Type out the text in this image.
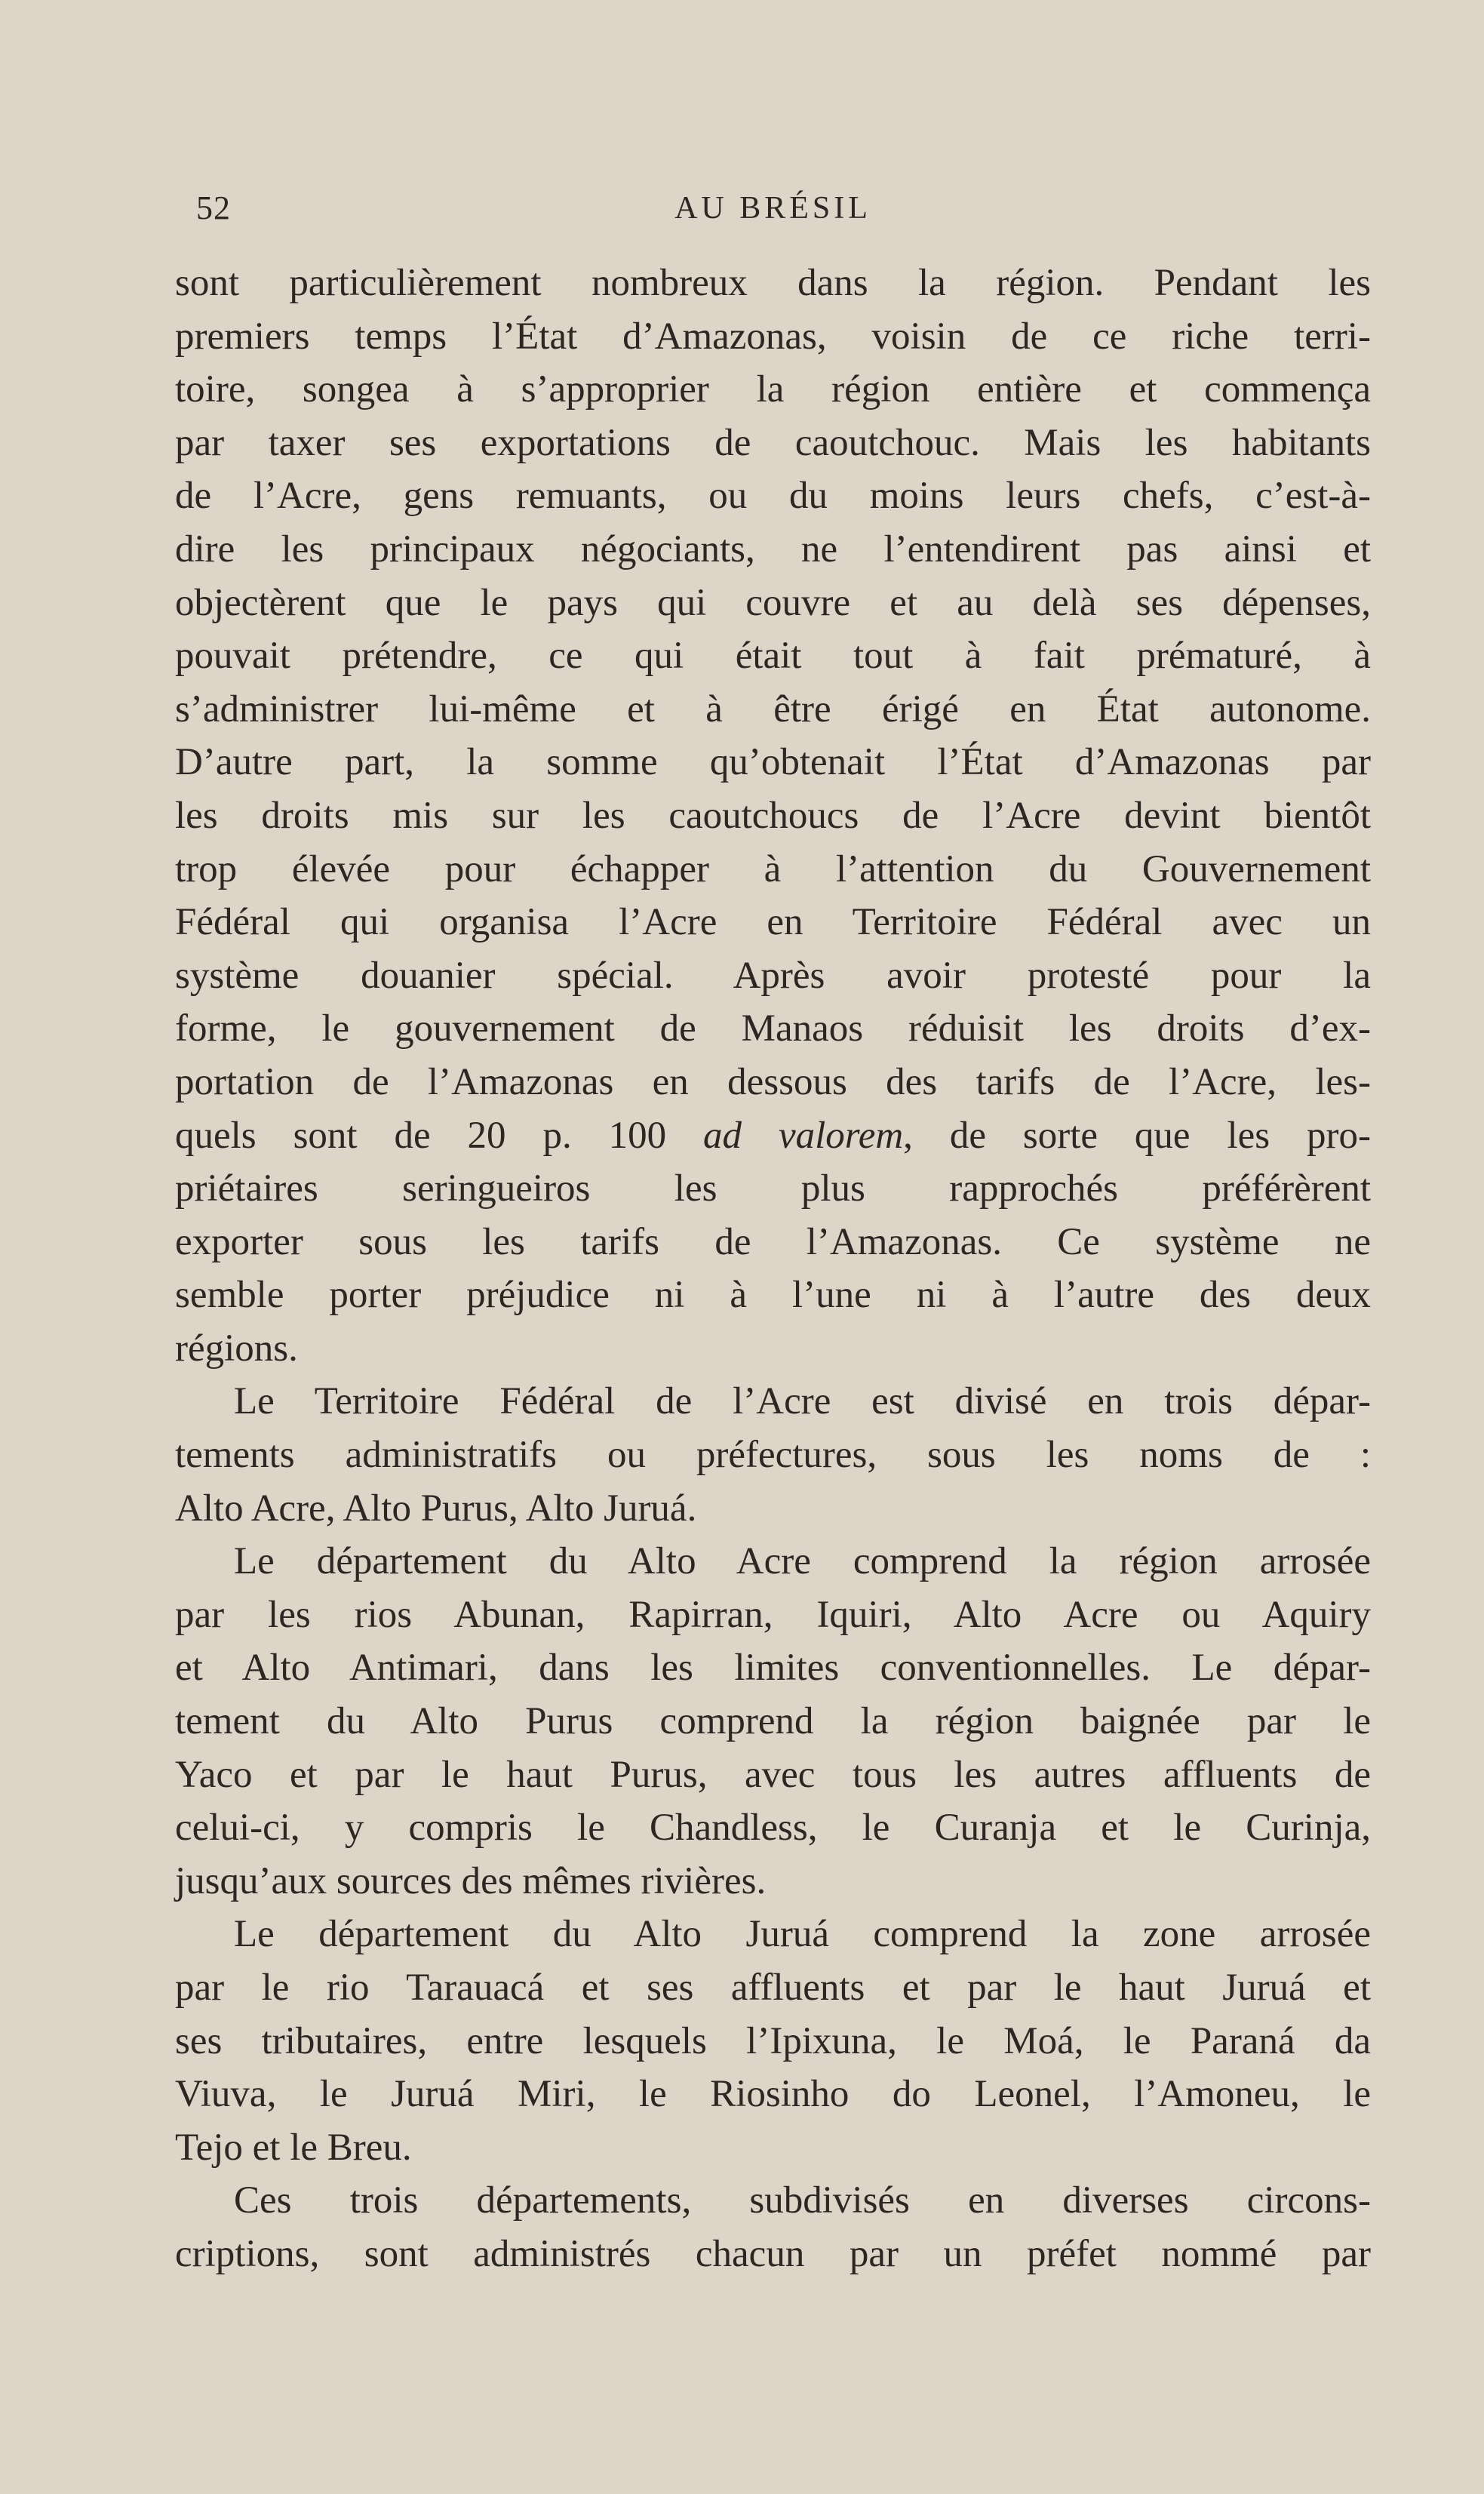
52	AU BRÉSIL
sont particulièrement nombreux dans la région. Pendant les
premiers temps l’État d’Amazonas, voisin de ce riche terri-
toire, songea à s’approprier la région entière et commença
par taxer ses exportations de caoutchouc. Mais les habitants
de l’Acre, gens remuants, ou du moins leurs chefs, c’est-à-
dire les principaux négociants, ne l’entendirent pas ainsi et
objectèrent que le pays qui couvre et au delà ses dépenses,
pouvait prétendre, ce qui était tout à fait prématuré, à
s’administrer lui-même et à être érigé en État autonome.
D’autre part, la somme qu’obtenait l’État d’Amazonas par
les droits mis sur les caoutchoucs de l’Acre devint bientôt
trop élevée pour échapper à l’attention du Gouvernement
Fédéral qui organisa l’Acre en Territoire Fédéral avec un
système douanier spécial. Après avoir protesté pour la
forme, le gouvernement de Manaos réduisit les droits d’ex-
portation de l’Amazonas en dessous des tarifs de l’Acre, les-
quels sont de 20 p. 100 ad valorem, de sorte que les pro-
priétaires seringueiros les plus rapprochés préférèrent
exporter sous les tarifs de l’Amazonas. Ce système ne
semble porter préjudice ni à l’une ni à l’autre des deux
régions.
Le Territoire Fédéral de l’Acre est divisé en trois dépar-
tements administratifs ou préfectures, sous les noms de :
Alto Acre, Alto Purus, Alto Juruá.
Le département du Alto Acre comprend la région arrosée
par les rios Abunan, Rapirran, Iquiri, Alto Acre ou Aquiry
et Alto Antimari, dans les limites conventionnelles. Le dépar-
tement du Alto Purus comprend la région baignée par le
Yaco et par le haut Purus, avec tous les autres affluents de
celui-ci, y compris le Chandless, le Curanja et le Curinja,
jusqu’aux sources des mêmes rivières.
Le département du Alto Juruá comprend la zone arrosée
par le rio Tarauacá et ses affluents et par le haut Juruá et
ses tributaires, entre lesquels l’Ipixuna, le Moá, le Paraná da
Viuva, le Juruá Miri, le Riosinho do Leonel, l’Amoneu, le
Tejo et le Breu.
Ces trois départements, subdivisés en diverses circons-
criptions, sont administrés chacun par un préfet nommé par
